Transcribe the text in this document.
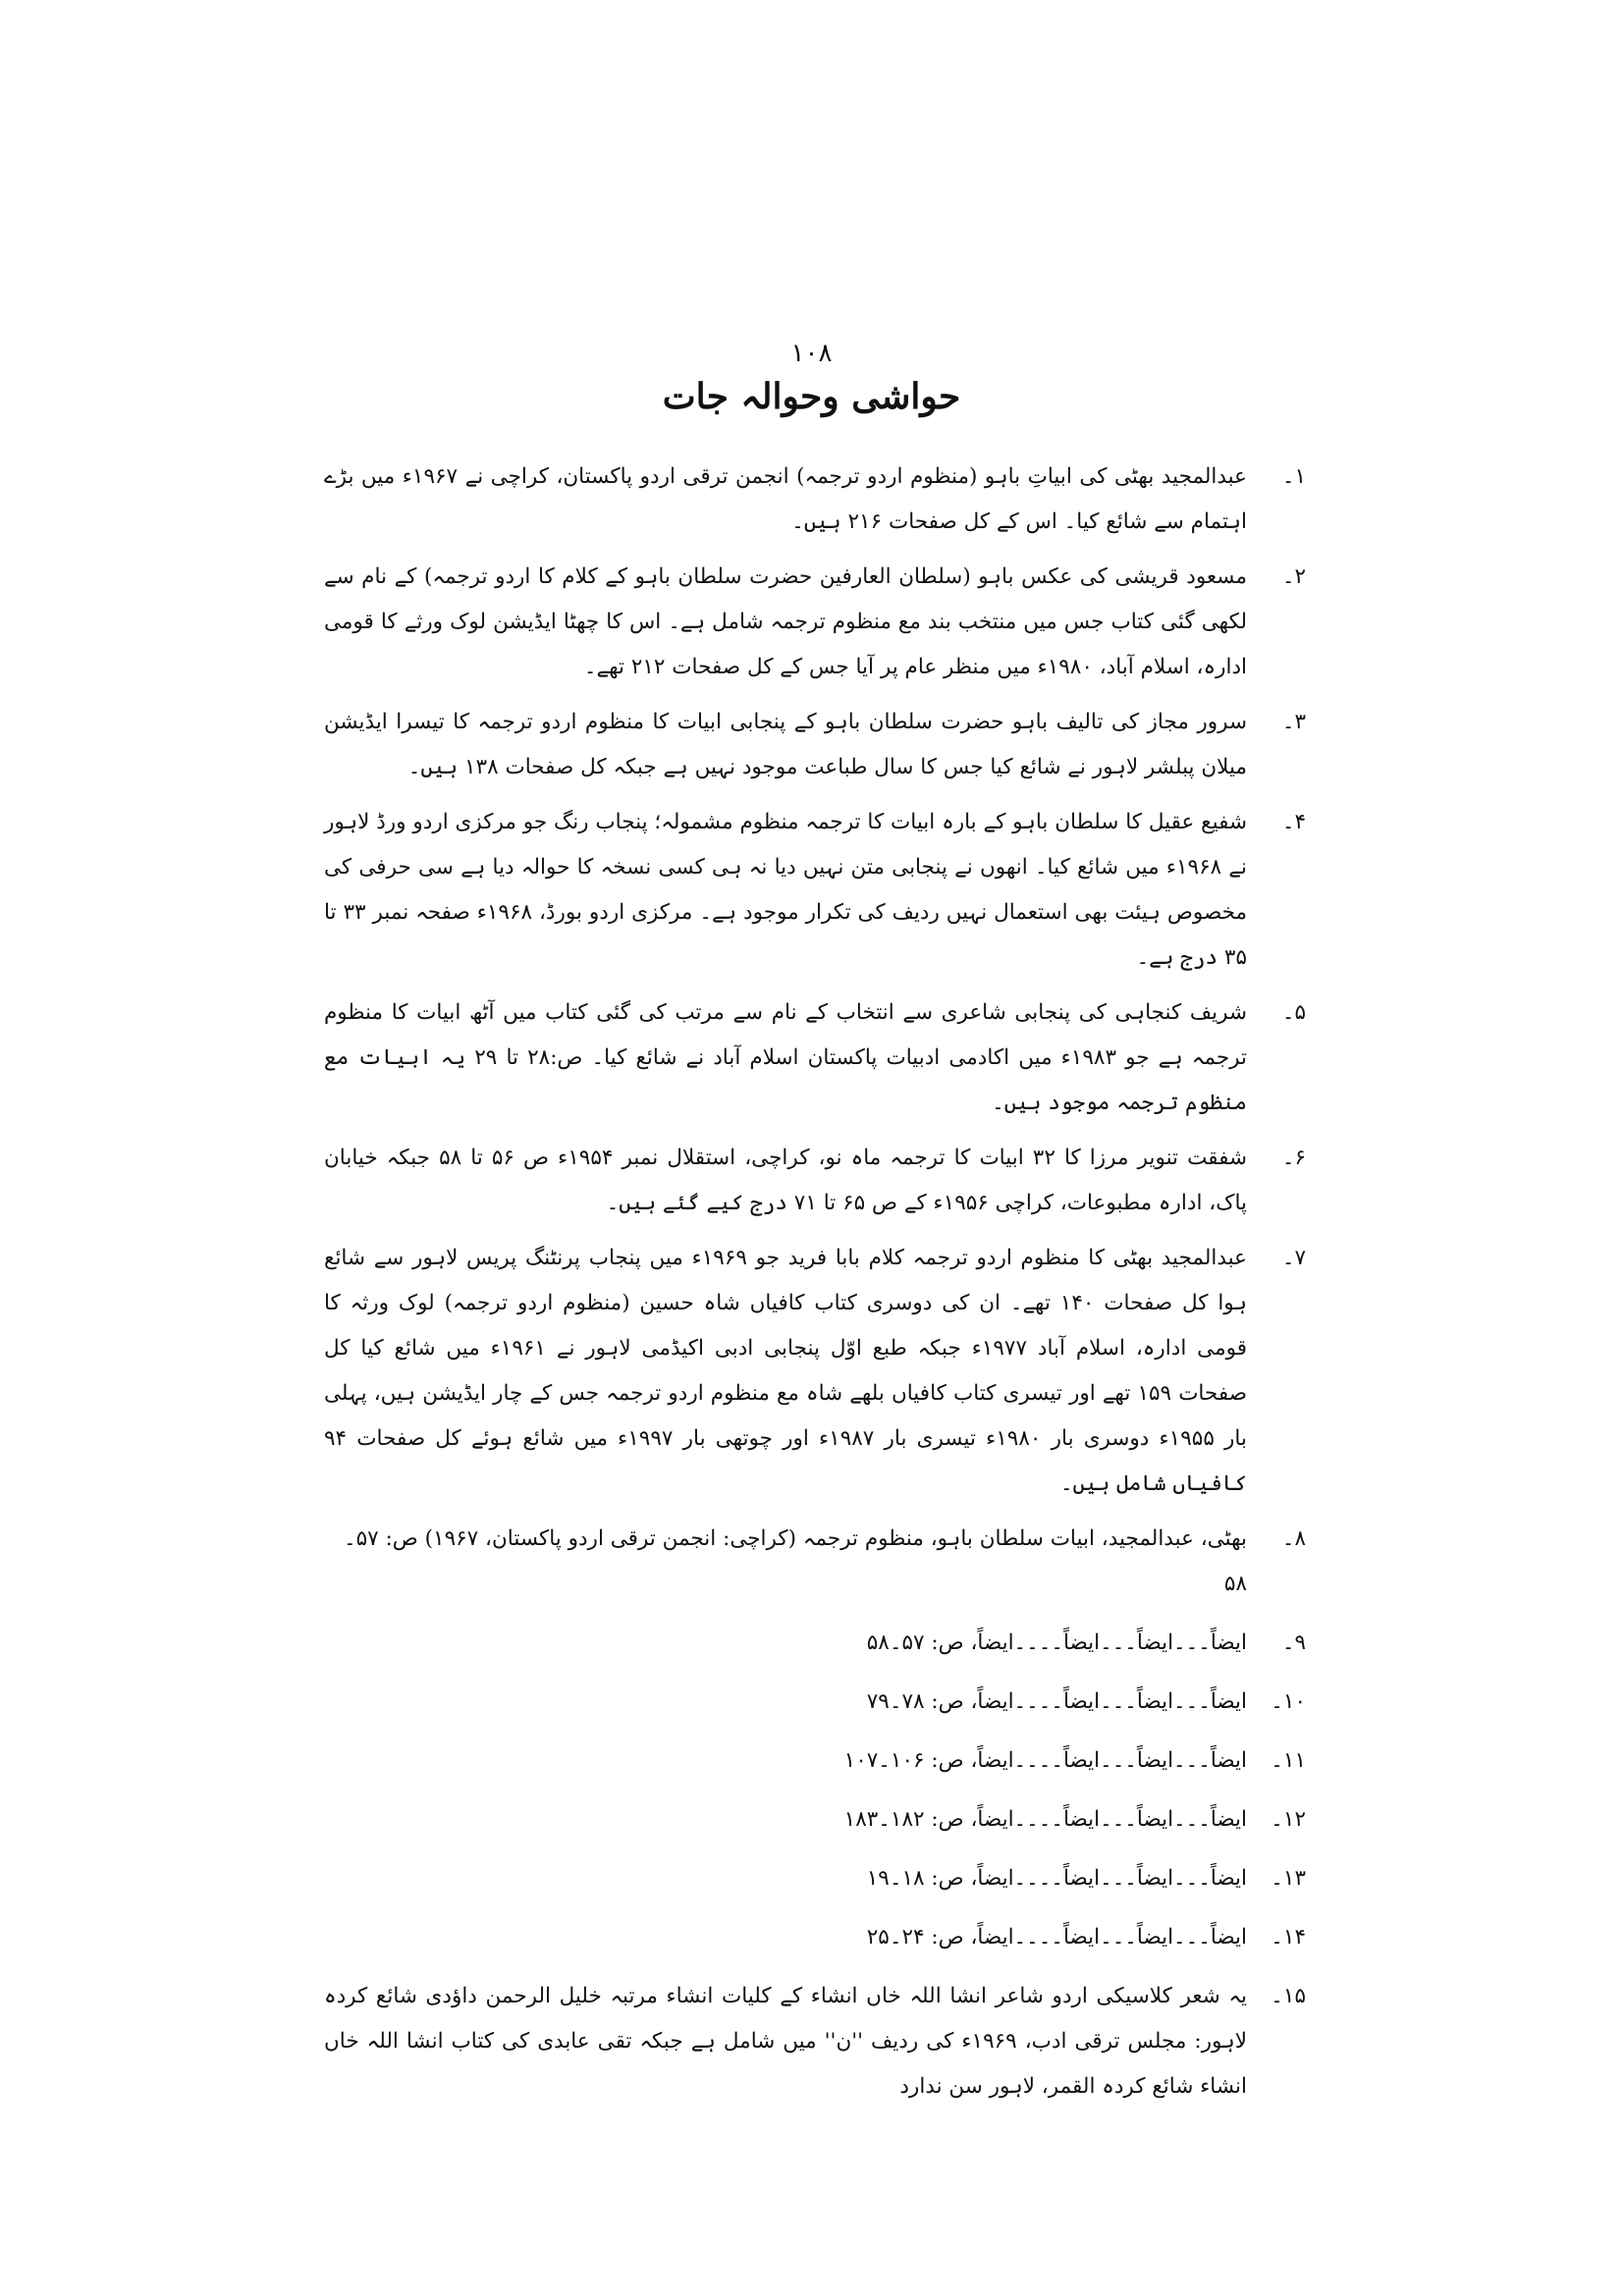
۱۰۸
حواشی وحوالہ جات
۱۔
عبدالمجید بھٹی کی ابیاتِ باہو (منظوم اردو ترجمہ) انجمن ترقی اردو پاکستان، کراچی نے ۱۹۶۷ء میں بڑے اہتمام سے شائع کیا۔ اس کے کل صفحات ۲۱۶ ہیں۔
۲۔
مسعود قریشی کی عکس باہو (سلطان العارفین حضرت سلطان باہو کے کلام کا اردو ترجمہ) کے نام سے لکھی گئی کتاب جس میں منتخب بند مع منظوم ترجمہ شامل ہے۔ اس کا چھٹا ایڈیشن لوک ورثے کا قومی ادارہ، اسلام آباد، ۱۹۸۰ء میں منظر عام پر آیا جس کے کل صفحات ۲۱۲ تھے۔
۳۔
سرور مجاز کی تالیف باہو حضرت سلطان باہو کے پنجابی ابیات کا منظوم اردو ترجمہ کا تیسرا ایڈیشن میلان پبلشر لاہور نے شائع کیا جس کا سال طباعت موجود نہیں ہے جبکہ کل صفحات ۱۳۸ ہیں۔
۴۔
شفیع عقیل کا سلطان باہو کے بارہ ابیات کا ترجمہ منظوم مشمولہ؛ پنجاب رنگ جو مرکزی اردو ورڈ لاہور نے ۱۹۶۸ء میں شائع کیا۔ انھوں نے پنجابی متن نہیں دیا نہ ہی کسی نسخہ کا حوالہ دیا ہے سی حرفی کی مخصوص ہیئت بھی استعمال نہیں ردیف کی تکرار موجود ہے۔ مرکزی اردو بورڈ، ۱۹۶۸ء صفحہ نمبر ۳۳ تا ۳۵ درج ہے۔
۵۔
شریف کنجاہی کی پنجابی شاعری سے انتخاب کے نام سے مرتب کی گئی کتاب میں آٹھ ابیات کا منظوم ترجمہ ہے جو ۱۹۸۳ء میں اکادمی ادبیات پاکستان اسلام آباد نے شائع کیا۔ ص:۲۸ تا ۲۹ یہ ابیات مع منظوم ترجمہ موجود ہیں۔
۶۔
شفقت تنویر مرزا کا ۳۲ ابیات کا ترجمہ ماہ نو، کراچی، استقلال نمبر ۱۹۵۴ء ص ۵۶ تا ۵۸ جبکہ خیابان پاک، ادارہ مطبوعات، کراچی ۱۹۵۶ء کے ص ۶۵ تا ۷۱ درج کیے گئے ہیں۔
۷۔
عبدالمجید بھٹی کا منظوم اردو ترجمہ کلام بابا فرید جو ۱۹۶۹ء میں پنجاب پرنٹنگ پریس لاہور سے شائع ہوا کل صفحات ۱۴۰ تھے۔ ان کی دوسری کتاب کافیاں شاہ حسین (منظوم اردو ترجمہ) لوک ورثہ کا قومی ادارہ، اسلام آباد ۱۹۷۷ء جبکہ طبع اوّل پنجابی ادبی اکیڈمی لاہور نے ۱۹۶۱ء میں شائع کیا کل صفحات ۱۵۹ تھے اور تیسری کتاب کافیاں بلھے شاہ مع منظوم اردو ترجمہ جس کے چار ایڈیشن ہیں، پہلی بار ۱۹۵۵ء دوسری بار ۱۹۸۰ء تیسری بار ۱۹۸۷ء اور چوتھی بار ۱۹۹۷ء میں شائع ہوئے کل صفحات ۹۴ کافیاں شامل ہیں۔
۸۔
بھٹی، عبدالمجید، ابیات سلطان باہو، منظوم ترجمہ (کراچی: انجمن ترقی اردو پاکستان، ۱۹۶۷) ص: ۵۷۔۵۸
۹۔
ایضاً۔۔۔ایضاً۔۔۔ایضاً۔۔۔۔ایضاً، ص: ۵۷۔۵۸
۱۰۔
ایضاً۔۔۔ایضاً۔۔۔ایضاً۔۔۔۔ایضاً، ص: ۷۸۔۷۹
۱۱۔
ایضاً۔۔۔ایضاً۔۔۔ایضاً۔۔۔۔ایضاً، ص: ۱۰۶۔۱۰۷
۱۲۔
ایضاً۔۔۔ایضاً۔۔۔ایضاً۔۔۔۔ایضاً، ص: ۱۸۲۔۱۸۳
۱۳۔
ایضاً۔۔۔ایضاً۔۔۔ایضاً۔۔۔۔ایضاً، ص: ۱۸۔۱۹
۱۴۔
ایضاً۔۔۔ایضاً۔۔۔ایضاً۔۔۔۔ایضاً، ص: ۲۴۔۲۵
۱۵۔
یہ شعر کلاسیکی اردو شاعر انشا اللہ خاں انشاء کے کلیات انشاء مرتبہ خلیل الرحمن داؤدی شائع کردہ لاہور: مجلس ترقی ادب، ۱۹۶۹ء کی ردیف ''ن'' میں شامل ہے جبکہ تقی عابدی کی کتاب انشا اللہ خاں انشاء شائع کردہ القمر، لاہور سن ندارد
